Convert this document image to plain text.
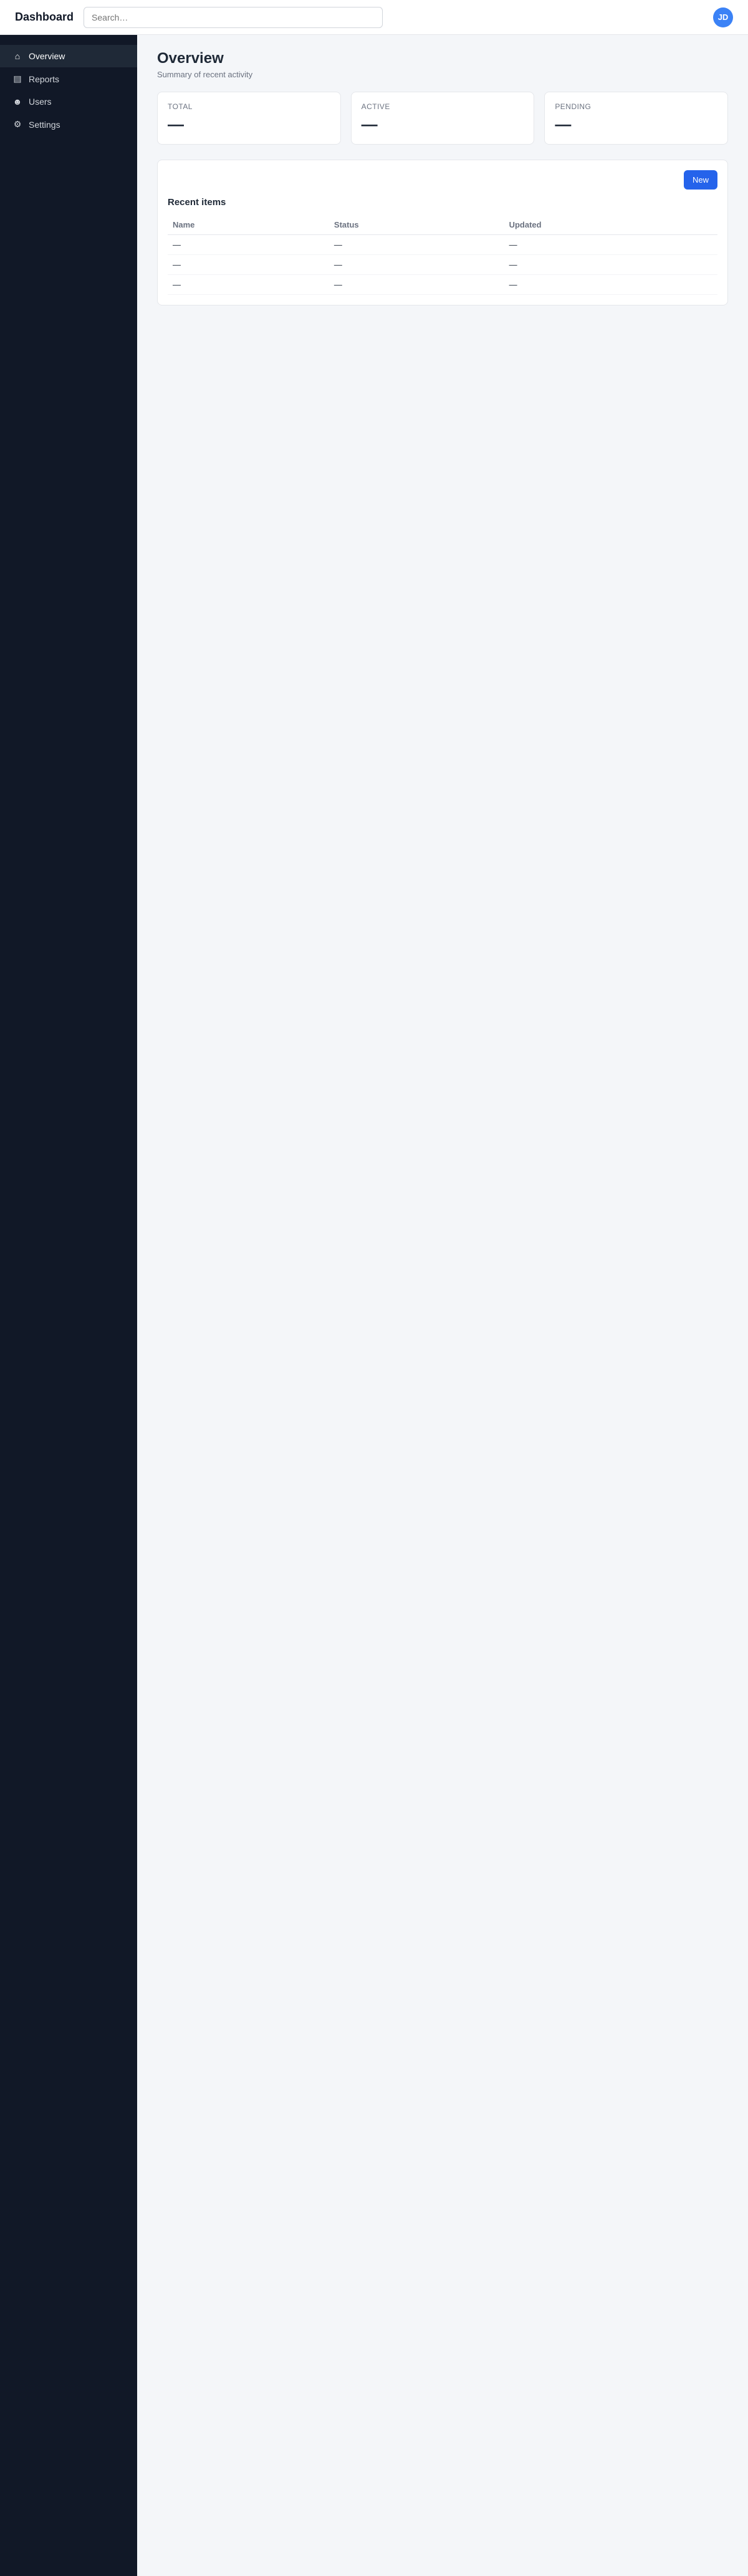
Dashboard
Search…	JD
⌂ Overview
▤ Reports
☻ Users
⚙ Settings
Overview
Summary of recent activity
TOTAL
—
ACTIVE
—
PENDING
—
New
Recent items
Name	Status	Updated
—	—	—
—	—	—
—	—	—
